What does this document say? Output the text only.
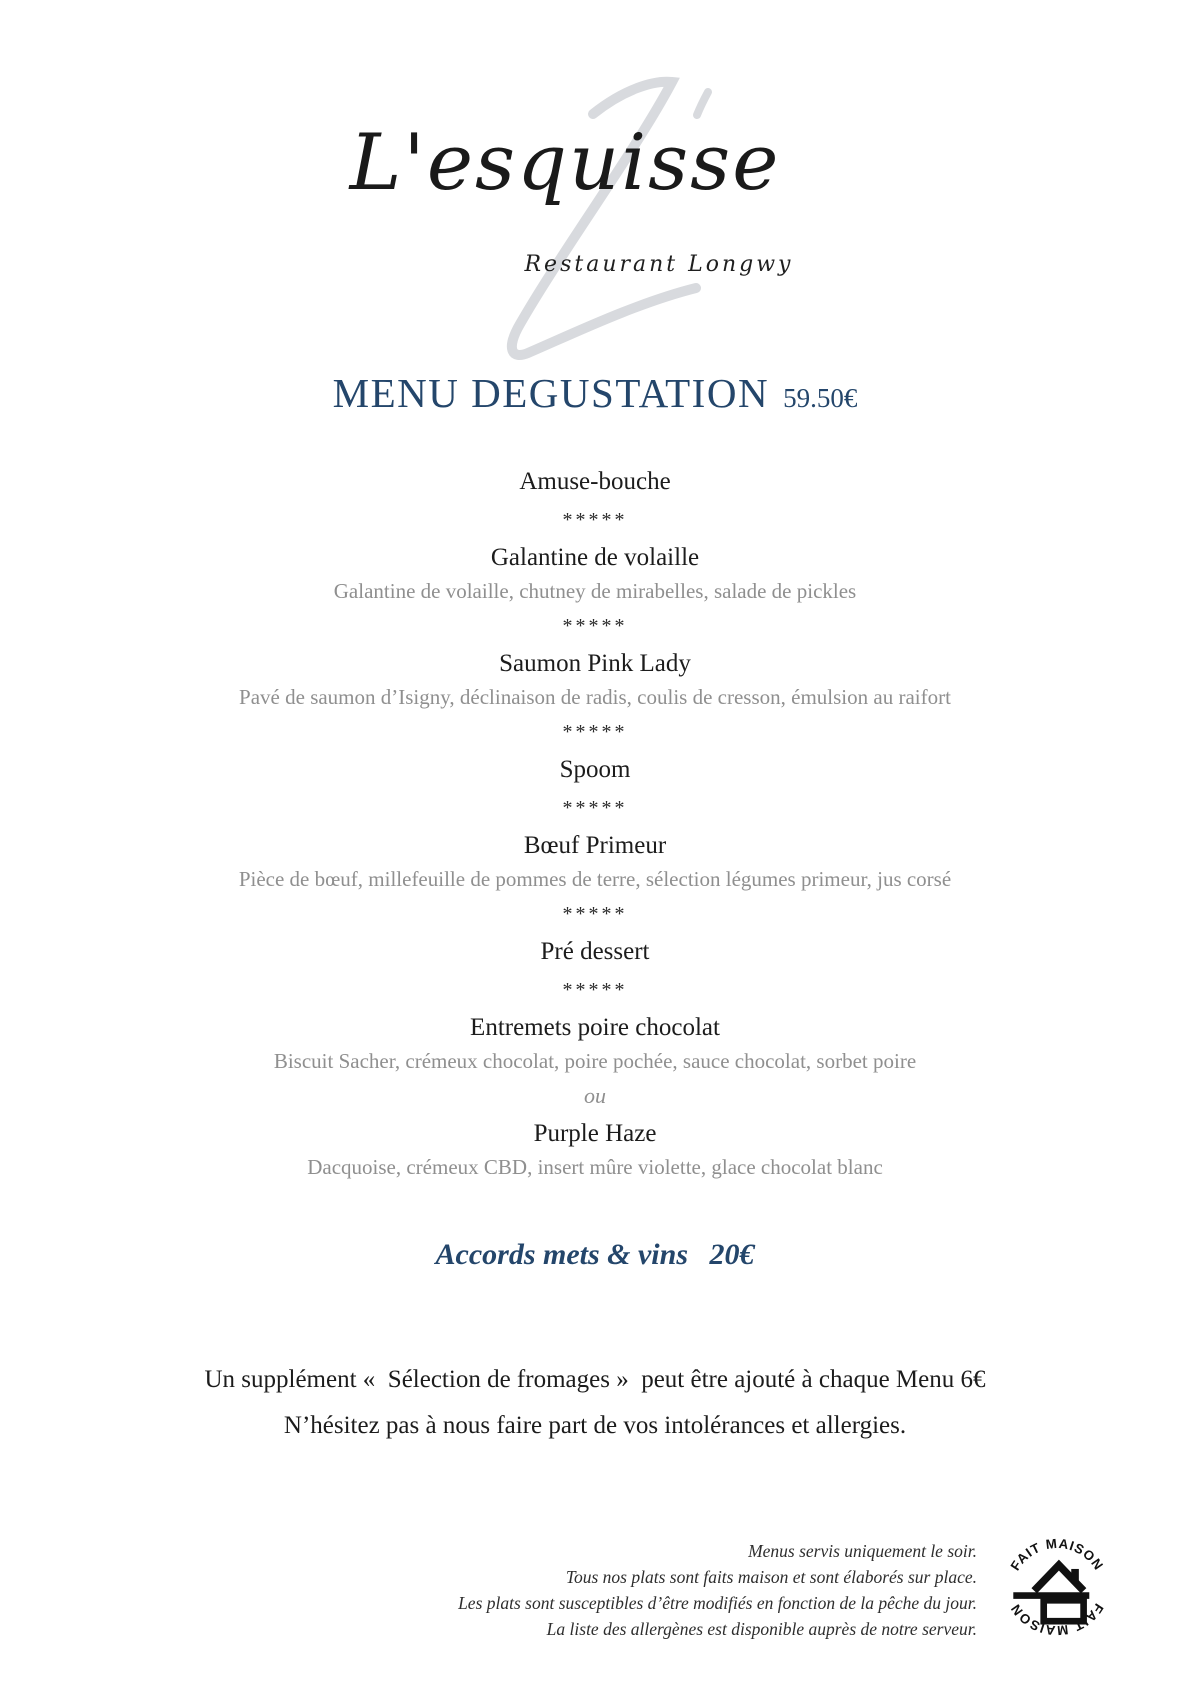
L'esquisse
Restaurant Longwy
MENU DEGUSTATION 59.50€
Amuse-bouche
*****
Galantine de volaille
Galantine de volaille, chutney de mirabelles, salade de pickles
*****
Saumon Pink Lady
Pavé de saumon d’Isigny, déclinaison de radis, coulis de cresson, émulsion au raifort
*****
Spoom
*****
Bœuf Primeur
Pièce de bœuf, millefeuille de pommes de terre, sélection légumes primeur, jus corsé
*****
Pré dessert
*****
Entremets poire chocolat
Biscuit Sacher, crémeux chocolat, poire pochée, sauce chocolat, sorbet poire
ou
Purple Haze
Dacquoise, crémeux CBD, insert mûre violette, glace chocolat blanc
Accords mets & vins 20€
Un supplément «  Sélection de fromages »  peut être ajouté à chaque Menu 6€
N’hésitez pas à nous faire part de vos intolérances et allergies.
Menus servis uniquement le soir.
Tous nos plats sont faits maison et sont élaborés sur place.
Les plats sont susceptibles d’être modifiés en fonction de la pêche du jour.
La liste des allergènes est disponible auprès de notre serveur.
FAIT MAISON
FAIT MAISON
